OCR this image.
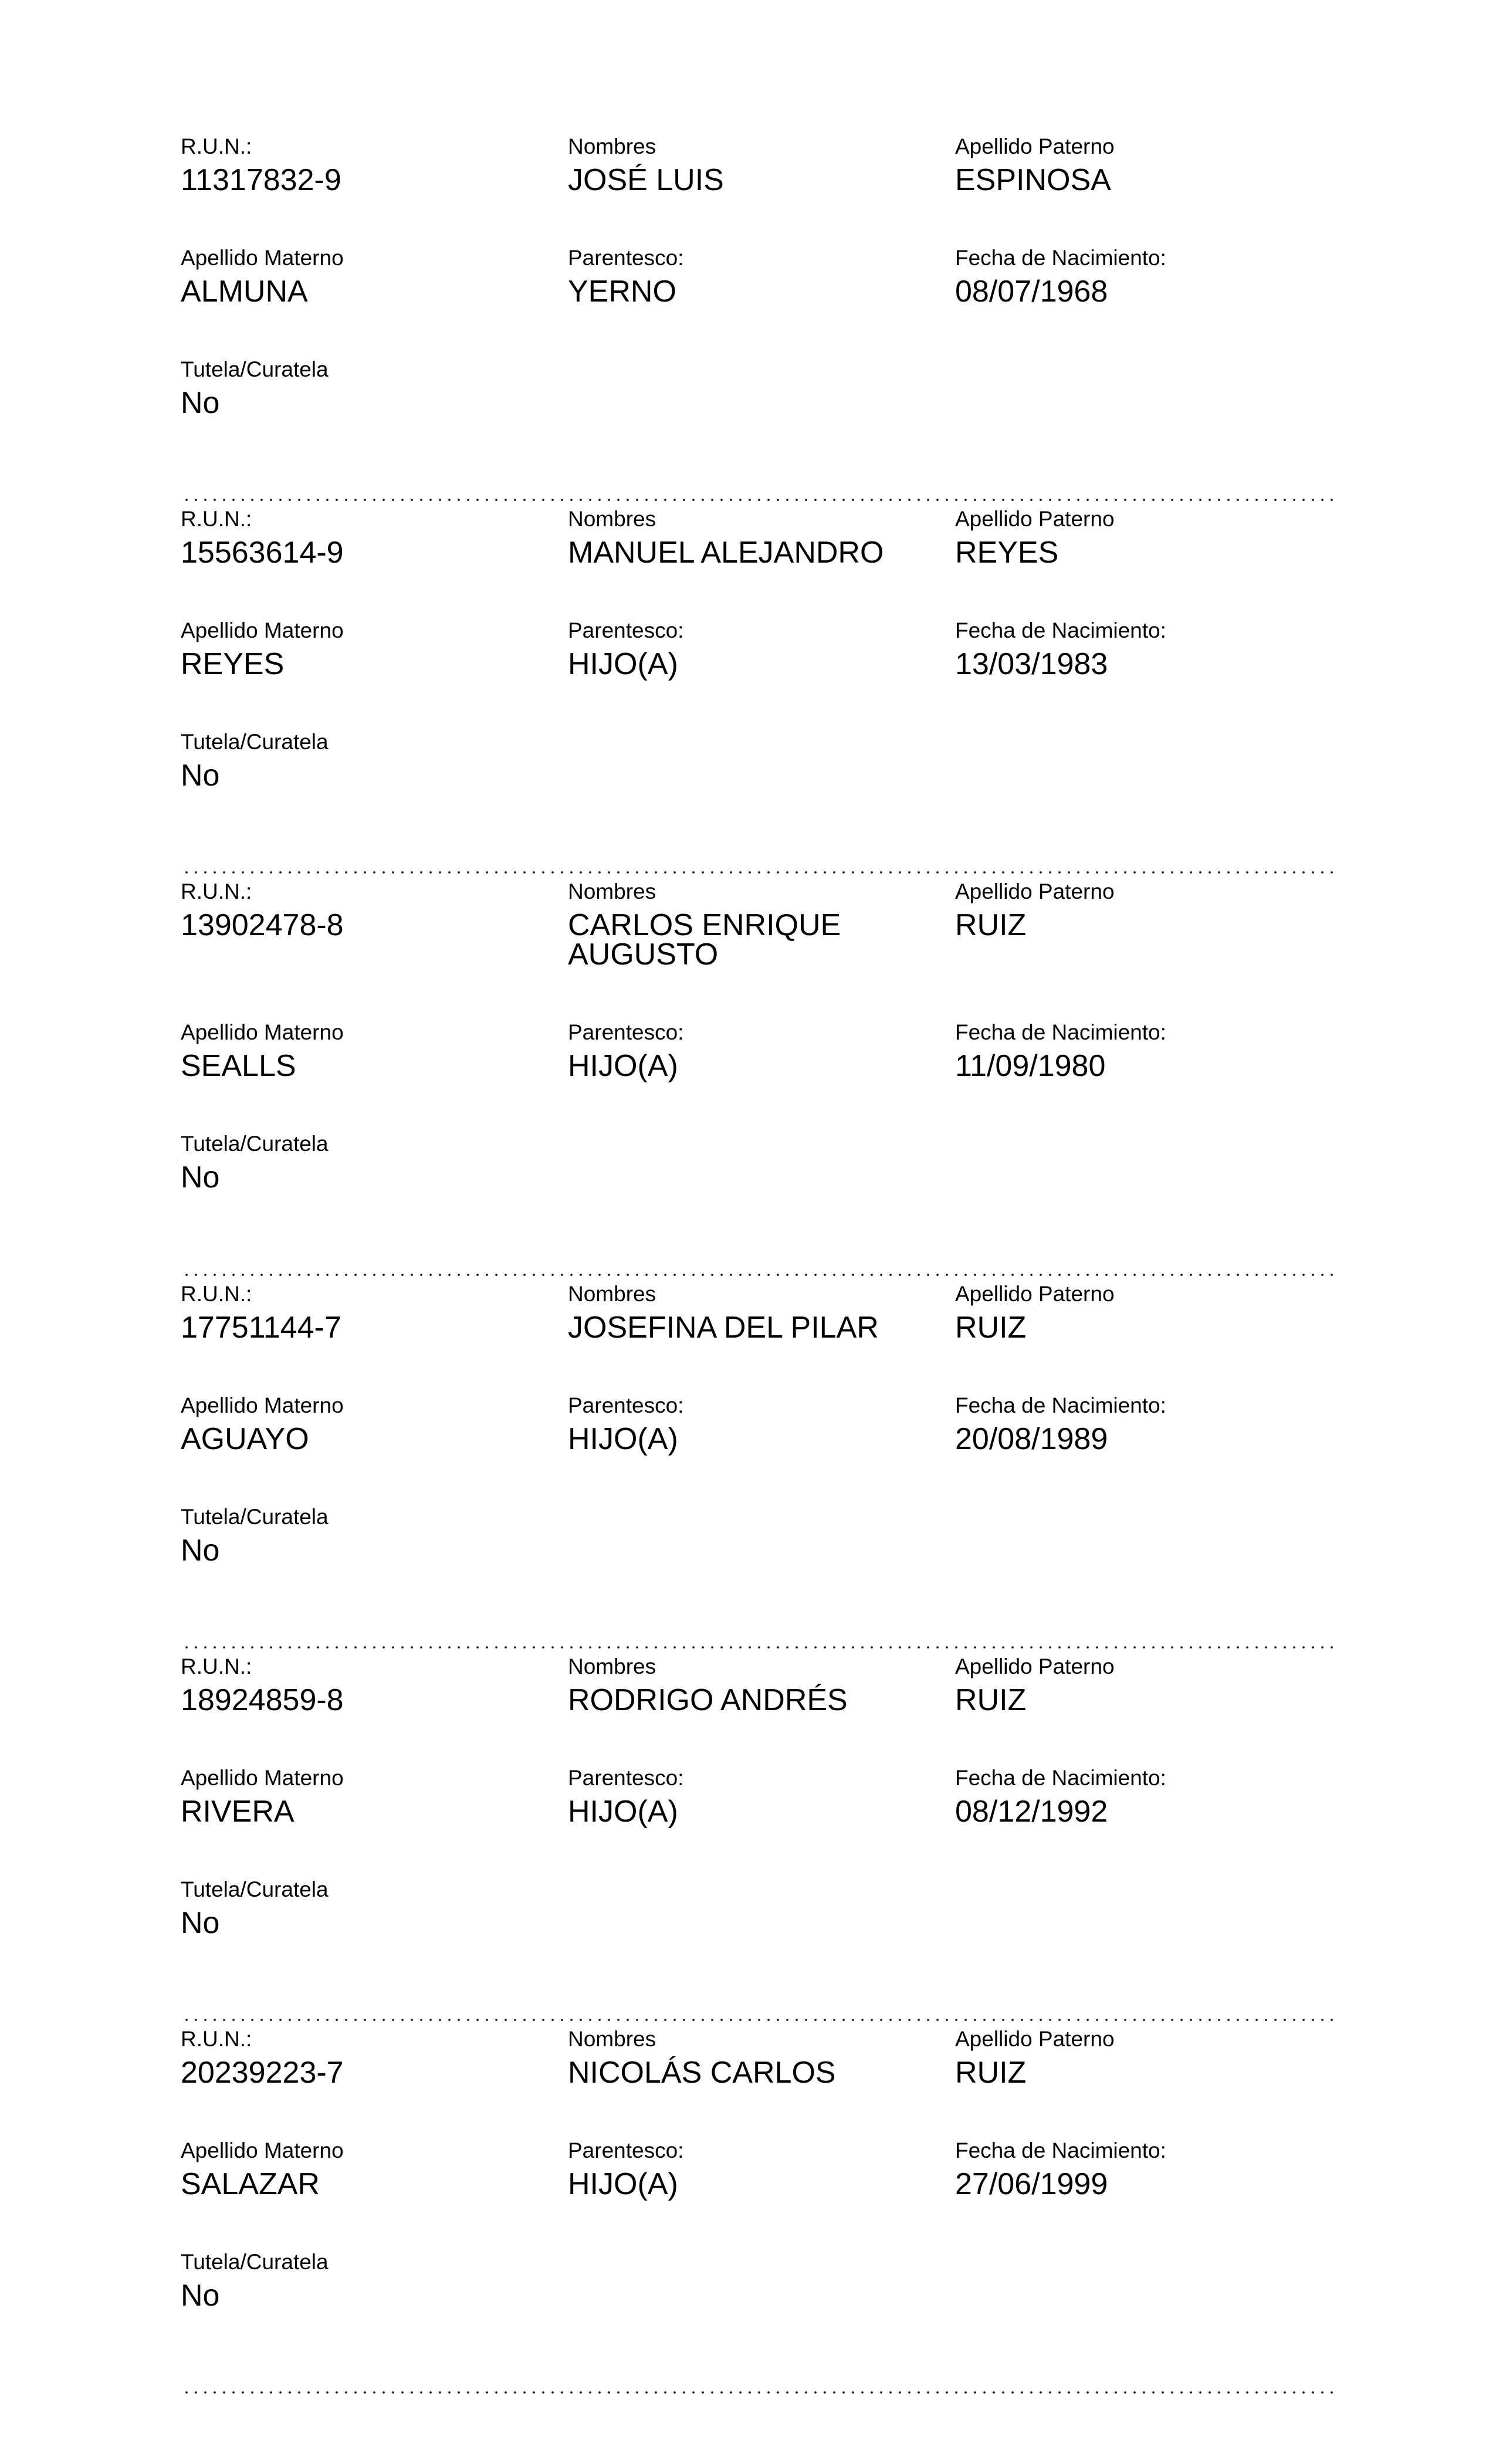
R.U.N.:
11317832-9
Nombres
JOSÉ LUIS
Apellido Paterno
ESPINOSA
Apellido Materno
ALMUNA
Parentesco:
YERNO
Fecha de Nacimiento:
08/07/1968
Tutela/Curatela
No
R.U.N.:
15563614-9
Nombres
MANUEL ALEJANDRO
Apellido Paterno
REYES
Apellido Materno
REYES
Parentesco:
HIJO(A)
Fecha de Nacimiento:
13/03/1983
Tutela/Curatela
No
R.U.N.:
13902478-8
Nombres
CARLOS ENRIQUE AUGUSTO
Apellido Paterno
RUIZ
Apellido Materno
SEALLS
Parentesco:
HIJO(A)
Fecha de Nacimiento:
11/09/1980
Tutela/Curatela
No
R.U.N.:
17751144-7
Nombres
JOSEFINA DEL PILAR
Apellido Paterno
RUIZ
Apellido Materno
AGUAYO
Parentesco:
HIJO(A)
Fecha de Nacimiento:
20/08/1989
Tutela/Curatela
No
R.U.N.:
18924859-8
Nombres
RODRIGO ANDRÉS
Apellido Paterno
RUIZ
Apellido Materno
RIVERA
Parentesco:
HIJO(A)
Fecha de Nacimiento:
08/12/1992
Tutela/Curatela
No
R.U.N.:
20239223-7
Nombres
NICOLÁS CARLOS
Apellido Paterno
RUIZ
Apellido Materno
SALAZAR
Parentesco:
HIJO(A)
Fecha de Nacimiento:
27/06/1999
Tutela/Curatela
No
